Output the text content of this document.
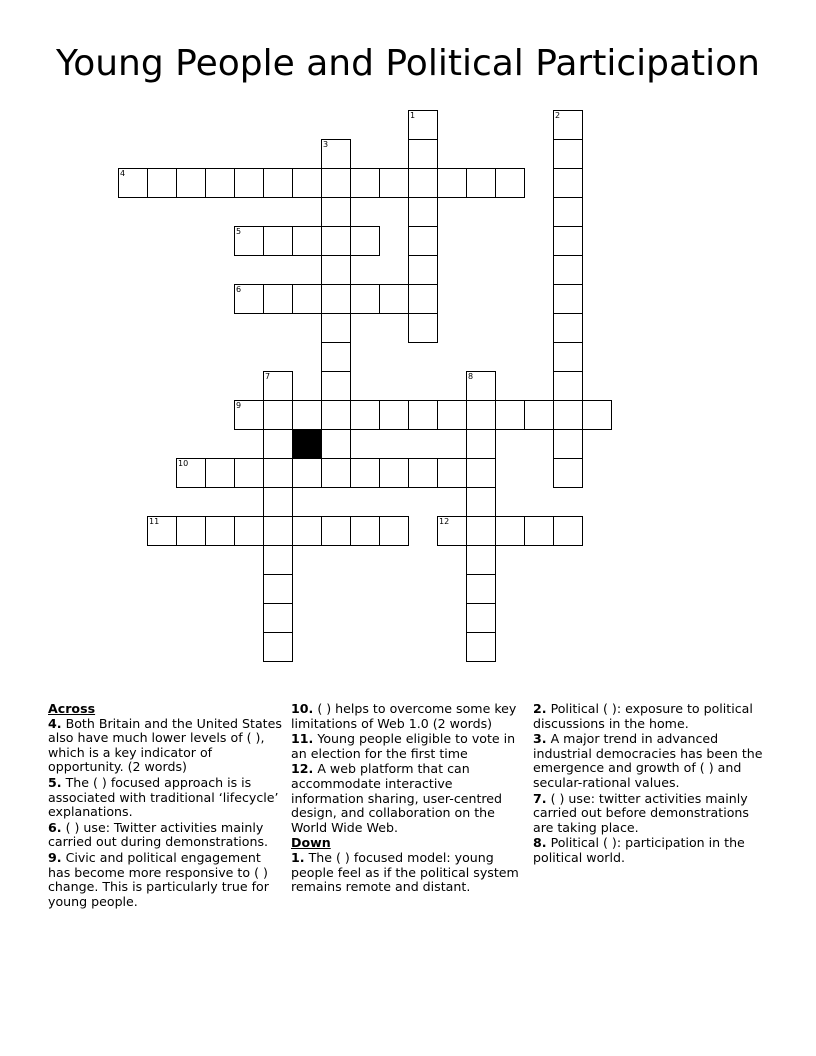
Young People and Political Participation
4
5
6
9
10
11	12
1	2
3
7	8
Across
4. Both Britain and the United States also have much lower levels of ( ), which is a key indicator of opportunity. (2 words)
5. The ( ) focused approach is is associated with traditional ‘lifecycle’ explanations.
6. ( ) use: Twitter activities mainly carried out during demonstrations.
9. Civic and political engagement has become more responsive to ( ) change. This is particularly true for young people.
10. ( ) helps to overcome some key limitations of Web 1.0 (2 words)
11. Young people eligible to vote in an election for the first time
12. A web platform that can accommodate interactive information sharing, user-centred design, and collaboration on the World Wide Web.
Down
1. The ( ) focused model: young people feel as if the political system remains remote and distant.
2. Political ( ): exposure to political discussions in the home.
3. A major trend in advanced industrial democracies has been the emergence and growth of ( ) and secular-rational values.
7. ( ) use: twitter activities mainly carried out before demonstrations are taking place.
8. Political ( ): participation in the political world.
